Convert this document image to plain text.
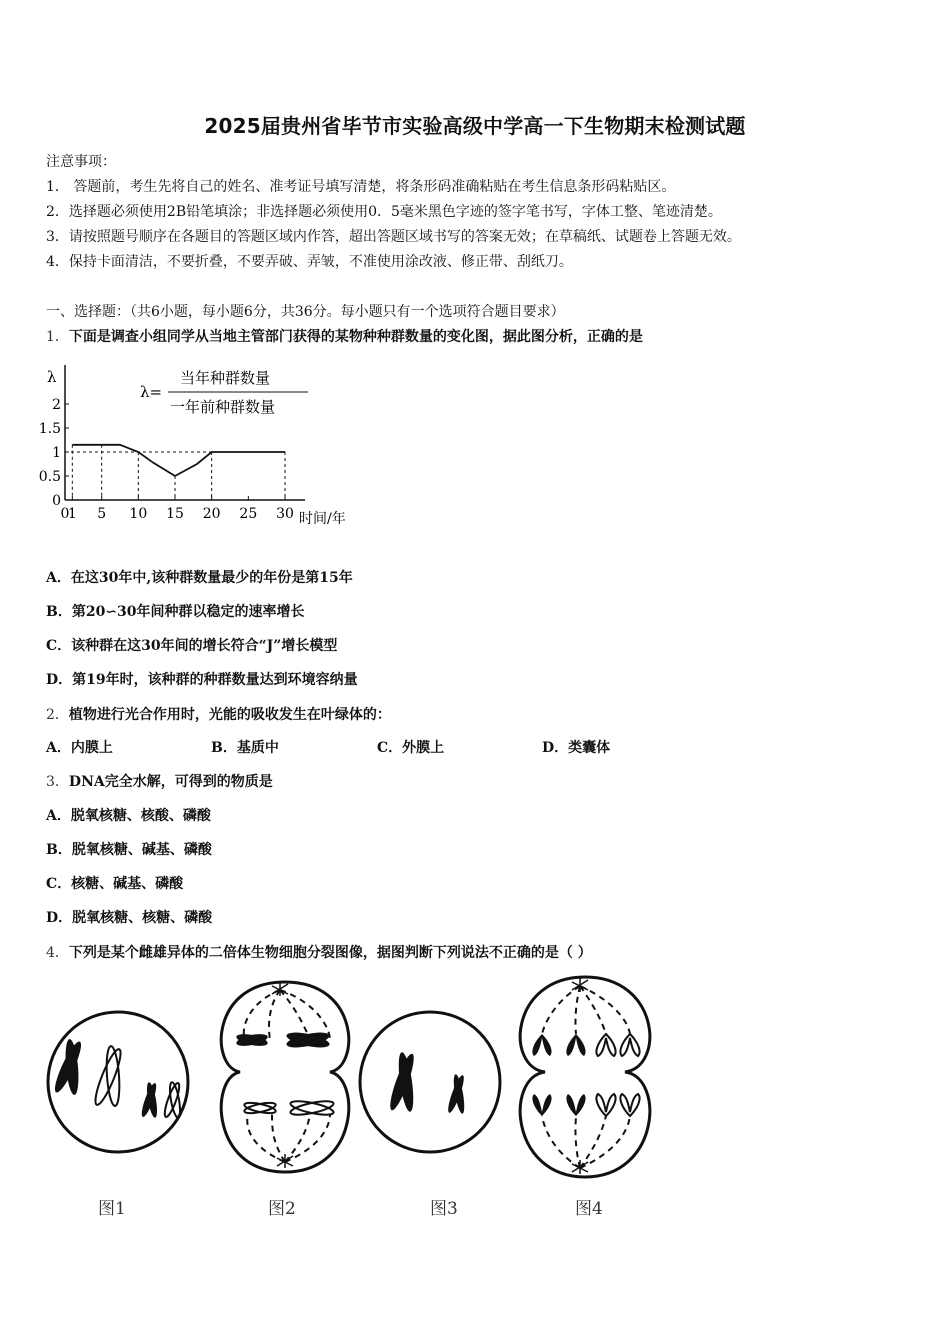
2025届贵州省毕节市实验高级中学高一下生物期末检测试题
注意事项：
1． 答题前，考生先将自己的姓名、准考证号填写清楚，将条形码准确粘贴在考生信息条形码粘贴区。
2．选择题必须使用2B铅笔填涂；非选择题必须使用0．5毫米黑色字迹的签字笔书写，字体工整、笔迹清楚。
3．请按照题号顺序在各题目的答题区域内作答，超出答题区域书写的答案无效；在草稿纸、试题卷上答题无效。
4．保持卡面清洁，不要折叠，不要弄破、弄皱，不准使用涂改液、修正带、刮纸刀。
一、选择题：（共6小题，每小题6分，共36分。每小题只有一个选项符合题目要求）
1．下面是调查小组同学从当地主管部门获得的某物种种群数量的变化图，据此图分析，正确的是
λ
时间/年
0
0.5
1
1.5
2
0
1 5 10 15 20 25 30
λ=
当年种群数量
一年前种群数量
A．在这30年中,该种群数量最少的年份是第15年
B．第20∽30年间种群以稳定的速率增长
C．该种群在这30年间的增长符合“J”增长模型
D．第19年时，该种群的种群数量达到环境容纳量
2．植物进行光合作用时，光能的吸收发生在叶绿体的：
A．内膜上	B．基质中	C．外膜上	D．类囊体
3．DNA完全水解，可得到的物质是
A．脱氧核糖、核酸、磷酸
B．脱氧核糖、碱基、磷酸
C．核糖、碱基、磷酸
D．脱氧核糖、核糖、磷酸
4．下列是某个雌雄异体的二倍体生物细胞分裂图像，据图判断下列说法不正确的是（ ）
图1	图2	图3	图4
